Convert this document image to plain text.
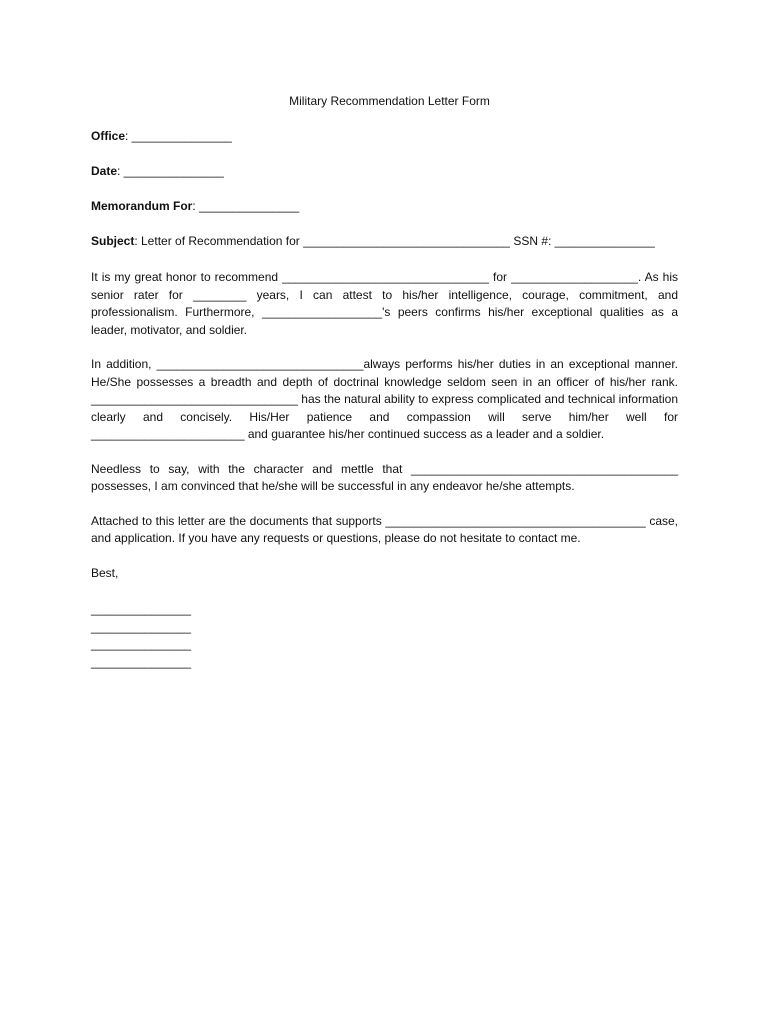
Military Recommendation Letter Form
Office: _______________
Date: _______________
Memorandum For: _______________
Subject: Letter of Recommendation for _______________________________ SSN #: _______________

It is my great honor to recommend _______________________________ for ___________________. As his senior rater for ________ years, I can attest to his/her intelligence, courage, commitment, and professionalism. Furthermore, __________________'s peers confirms his/her exceptional qualities as a leader, motivator, and soldier.

In addition, _______________________________always performs his/her duties in an exceptional manner. He/She possesses a breadth and depth of doctrinal knowledge seldom seen in an officer of his/her rank. _______________________________ has the natural ability to express complicated and technical information clearly and concisely. His/Her patience and compassion will serve him/her well for _______________________ and guarantee his/her continued success as a leader and a soldier.

Needless to say, with the character and mettle that ________________________________________ possesses, I am convinced that he/she will be successful in any endeavor he/she attempts.

Attached to this letter are the documents that supports _______________________________________ case, and application. If you have any requests or questions, please do not hesitate to contact me.

Best,

_______________

_______________

_______________

_______________
